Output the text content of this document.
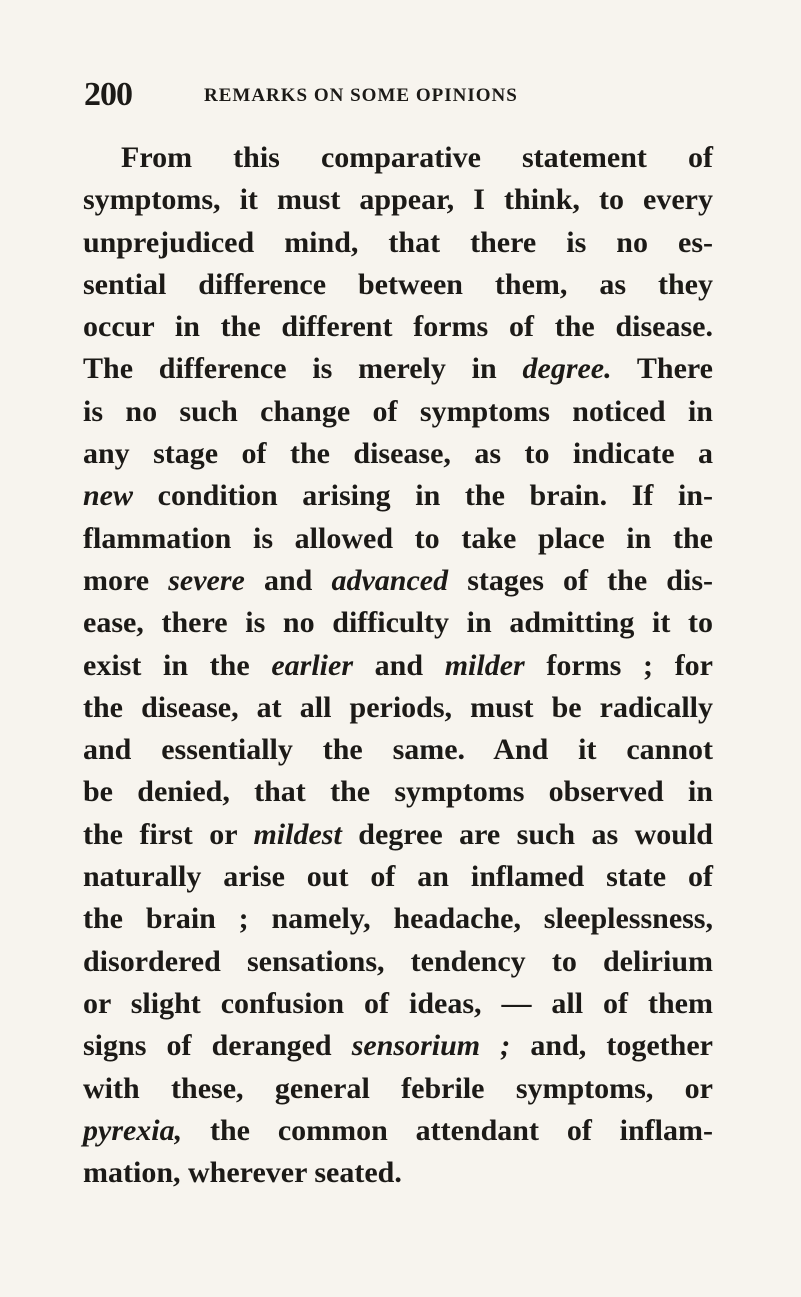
200	REMARKS ON SOME OPINIONS
From this comparative statement of
symptoms, it must appear, I think, to every
unprejudiced mind, that there is no es-
sential difference between them, as they
occur in the different forms of the disease.
The difference is merely in degree. There
is no such change of symptoms noticed in
any stage of the disease, as to indicate a
new condition arising in the brain. If in-
flammation is allowed to take place in the
more severe and advanced stages of the dis-
ease, there is no difficulty in admitting it to
exist in the earlier and milder forms ; for
the disease, at all periods, must be radically
and essentially the same. And it cannot
be denied, that the symptoms observed in
the first or mildest degree are such as would
naturally arise out of an inflamed state of
the brain ; namely, headache, sleeplessness,
disordered sensations, tendency to delirium
or slight confusion of ideas, — all of them
signs of deranged sensorium ; and, together
with these, general febrile symptoms, or
pyrexia, the common attendant of inflam-
mation, wherever seated.
